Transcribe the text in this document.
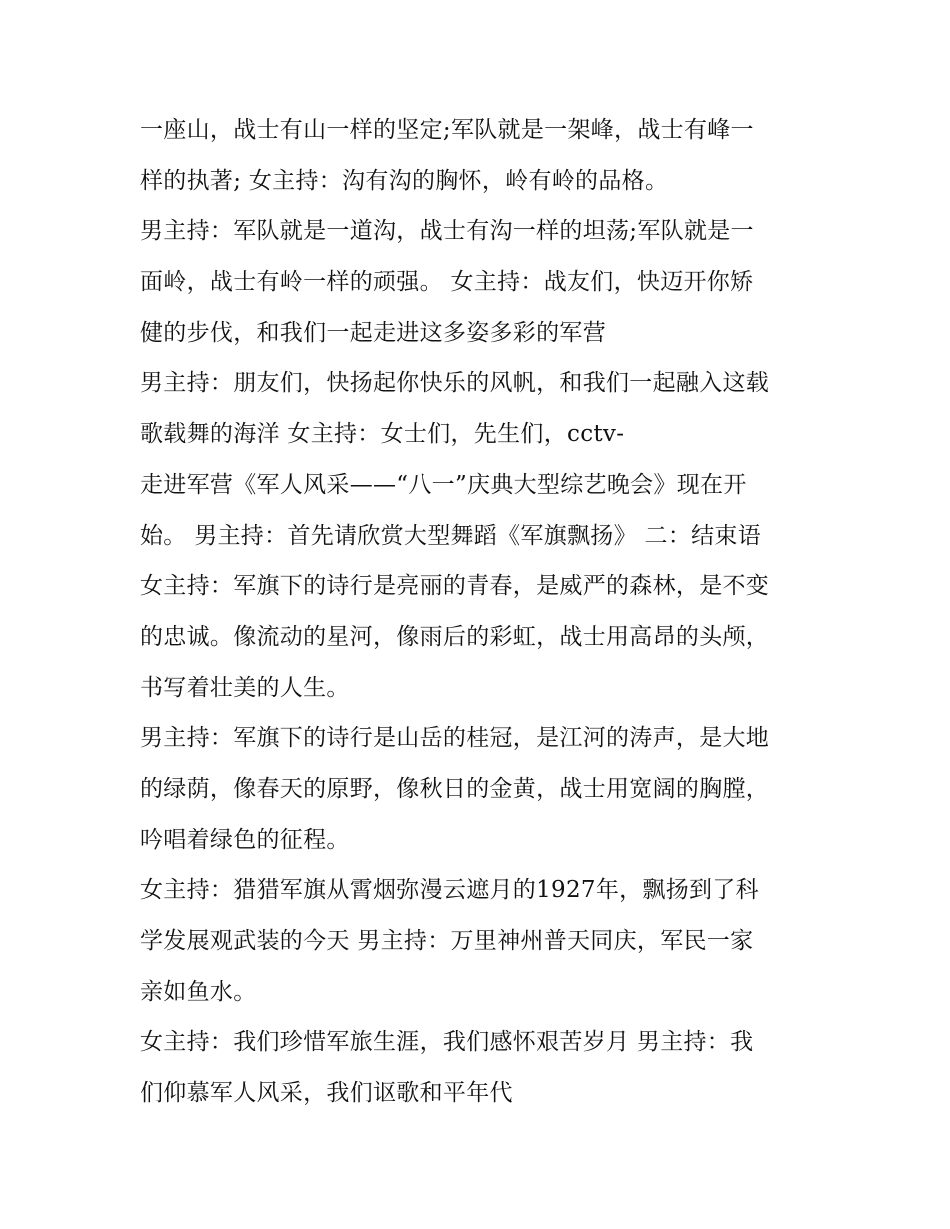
一座山，战士有山一样的坚定;军队就是一架峰，战士有峰一
样的执著; 女主持：沟有沟的胸怀，岭有岭的品格。
男主持：军队就是一道沟，战士有沟一样的坦荡;军队就是一
面岭，战士有岭一样的顽强。 女主持：战友们，快迈开你矫
健的步伐，和我们一起走进这多姿多彩的军营
男主持：朋友们，快扬起你快乐的风帆，和我们一起融入这载
歌载舞的海洋 女主持：女士们，先生们，cctv-
走进军营《军人风采——“八一”庆典大型综艺晚会》现在开
始。 男主持：首先请欣赏大型舞蹈《军旗飘扬》 二：结束语
女主持：军旗下的诗行是亮丽的青春，是威严的森林，是不变
的忠诚。像流动的星河，像雨后的彩虹，战士用高昂的头颅，
书写着壮美的人生。
男主持：军旗下的诗行是山岳的桂冠，是江河的涛声，是大地
的绿荫，像春天的原野，像秋日的金黄，战士用宽阔的胸膛，
吟唱着绿色的征程。
女主持：猎猎军旗从霄烟弥漫云遮月的1927年，飘扬到了科
学发展观武装的今天 男主持：万里神州普天同庆，军民一家
亲如鱼水。
女主持：我们珍惜军旅生涯，我们感怀艰苦岁月 男主持：我
们仰慕军人风采，我们讴歌和平年代
